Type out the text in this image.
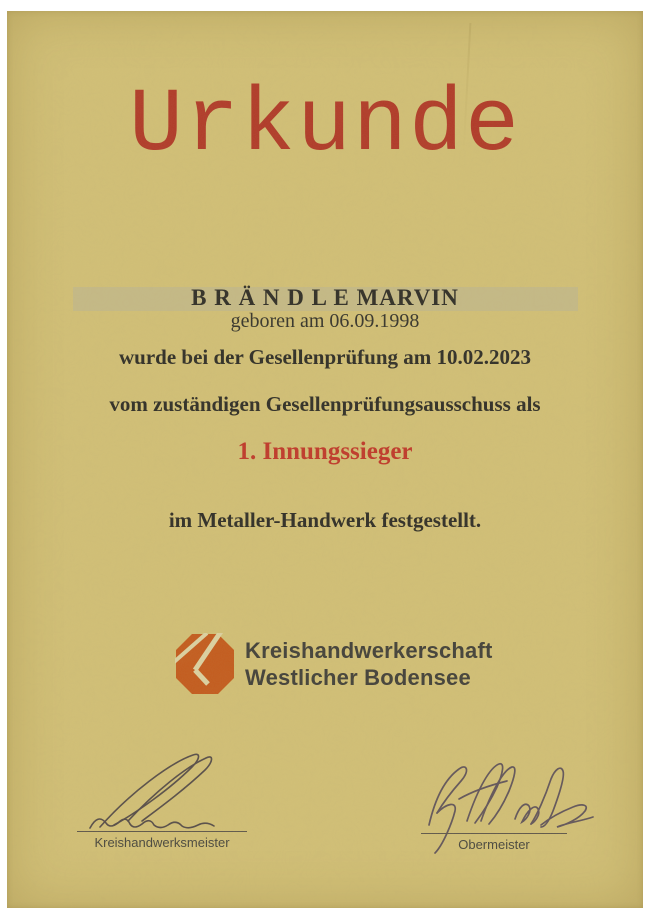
Urkunde
B R Ä N D L E MARVIN
geboren am 06.09.1998
wurde bei der Gesellenprüfung am 10.02.2023
vom zuständigen Gesellenprüfungsausschuss als
1. Innungssieger
im Metaller-Handwerk festgestellt.
Kreishandwerkerschaft
Westlicher Bodensee
Kreishandwerksmeister	Obermeister
